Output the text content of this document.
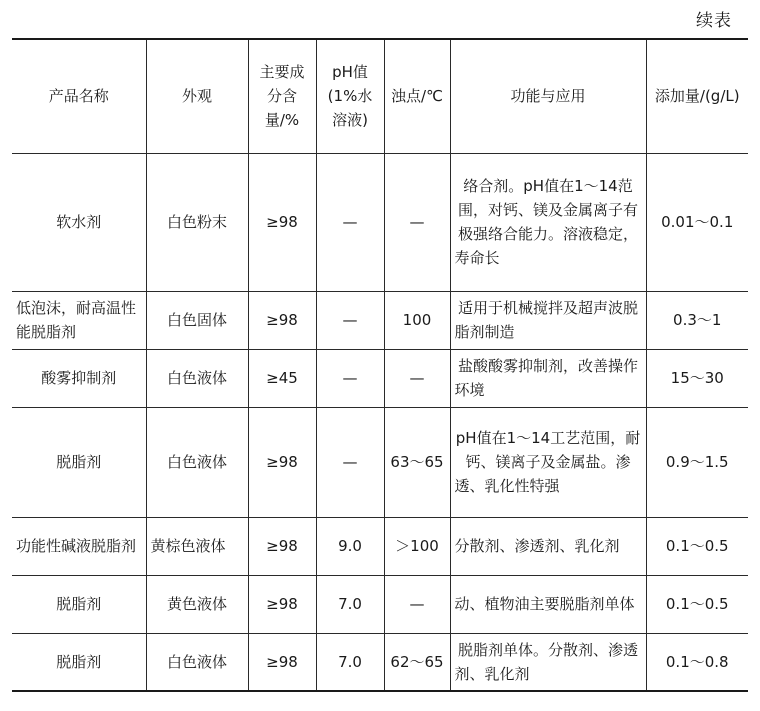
续表
产品名称	外观	主要成分含量/%	pH值(1%水溶液)	浊点/℃	功能与应用	添加量/(g/L)
软水剂	白色粉末	≥98	—	—	络合剂。pH值在1～14范围，对钙、镁及金属离子有极强络合能力。溶液稳定，寿命长	0.01～0.1
低泡沫，耐高温性能脱脂剂	白色固体	≥98	—	100	适用于机械搅拌及超声波脱脂剂制造	0.3～1
酸雾抑制剂	白色液体	≥45	—	—	盐酸酸雾抑制剂，改善操作环境	15～30
脱脂剂	白色液体	≥98	—	63～65	pH值在1～14工艺范围，耐钙、镁离子及金属盐。渗透、乳化性特强	0.9～1.5
功能性碱液脱脂剂	黄棕色液体	≥98	9.0	＞100	分散剂、渗透剂、乳化剂	0.1～0.5
脱脂剂	黄色液体	≥98	7.0	—	动、植物油主要脱脂剂单体	0.1～0.5
脱脂剂	白色液体	≥98	7.0	62～65	脱脂剂单体。分散剂、渗透剂、乳化剂	0.1～0.8
